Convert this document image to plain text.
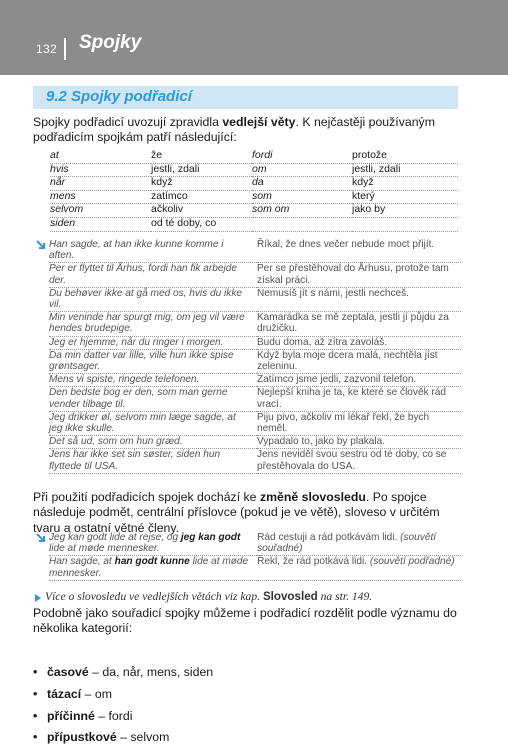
132 Spojky
9.2 Spojky podřadicí
Spojky podřadicí uvozují zpravidla vedlejší věty. K nejčastěji používaným podřadicím spojkám patří následující:
at	že	fordi	protože
hvis	jestli, zdali	om	jestli, zdali
når	když	da	když
mens	zatímco	som	který
selvom	ačkoliv	som om	jako by
siden	od té doby, co		
Han sagde, at han ikke kunne komme i aften.	Říkal, že dnes večer nebude moct přijít.
Per er flyttet til Århus, fordi han fik arbejde der.	Per se přestěhoval do Århusu, protože tam získal práci.
Du behøver ikke at gå med os, hvis du ikke vil.	Nemusíš jít s námi, jestli nechceš.
Min veninde har spurgt mig, om jeg vil være hendes brudepige.	Kamarádka se mě zeptala, jestli jí půjdu za družičku.
Jeg er hjemme, når du ringer i morgen.	Budu doma, až zítra zavoláš.
Da min datter var lille, ville hun ikke spise grøntsager.	Když byla moje dcera malá, nechtěla jíst zeleninu.
Mens vi spiste, ringede telefonen.	Zatímco jsme jedli, zazvonil telefon.
Den bedste bog er den, som man gerne vender tilbage til.	Nejlepší kniha je ta, ke které se člověk rád vrací.
Jeg drikker øl, selvom min læge sagde, at jeg ikke skulle.	Piju pivo, ačkoliv mi lékař řekl, že bych neměl.
Det så ud, som om hun græd.	Vypadalo to, jako by plakala.
Jens har ikke set sin søster, siden hun flyttede til USA.	Jens neviděl svou sestru od té doby, co se přestěhovala do USA.
Při použití podřadicích spojek dochází ke změně slovosledu. Po spojce následuje podmět, centrální příslovce (pokud je ve větě), sloveso v určitém tvaru a ostatní větné členy.
Jeg kan godt lide at rejse, og jeg kan godt lide at møde mennesker.	Rád cestuji a rád potkávám lidi. (souvětí souřadné)
Han sagde, at han godt kunne lide at møde mennesker.	Řekl, že rád potkává lidi. (souvětí podřadné)
Více o slovosledu ve vedlejších větách viz kap. Slovosled na str. 149.
Podobně jako souřadicí spojky můžeme i podřadicí rozdělit podle významu do několika kategorií:
• časové – da, når, mens, siden
• tázací – om
• příčinné – fordi
• přípustkové – selvom
